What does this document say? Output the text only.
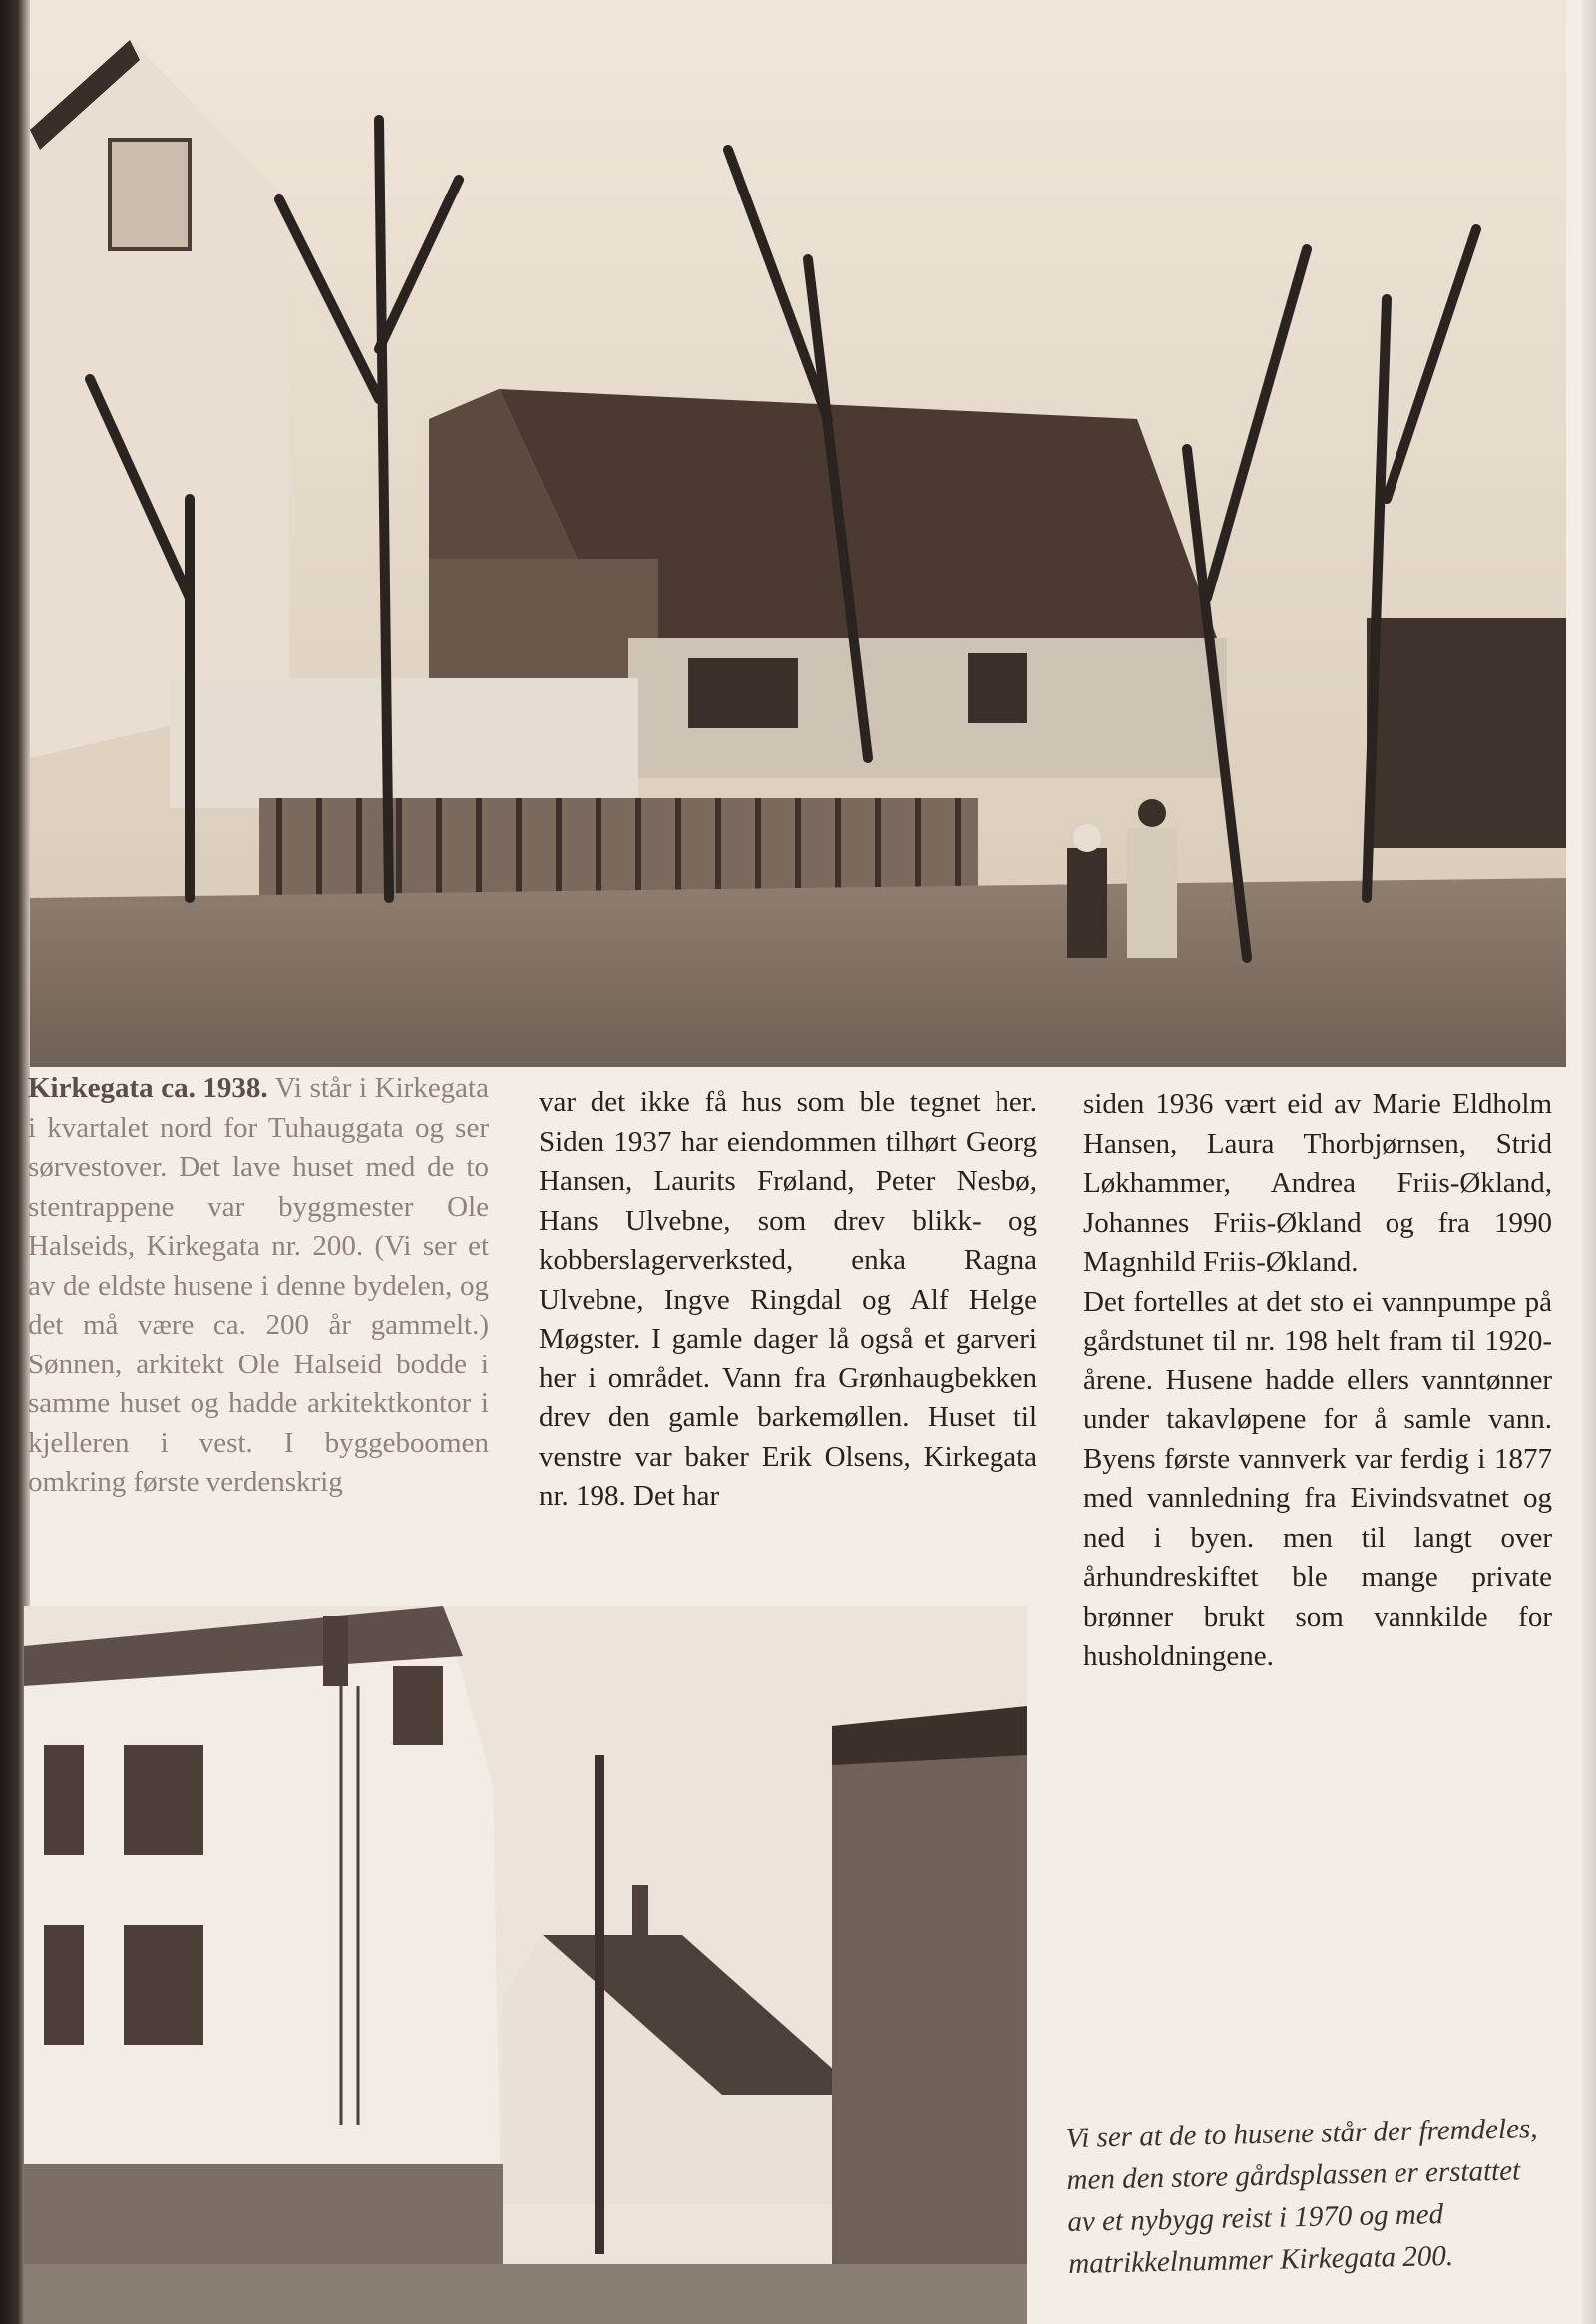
Kirkegata ca. 1938. Vi står i Kirkegata i kvartalet nord for Tuhauggata og ser sørvestover. Det lave huset med de to stentrappene var byggmester Ole Halseids, Kirkegata nr. 200. (Vi ser et av de eldste husene i denne bydelen, og det må være ca. 200 år gammelt.) Sønnen, arkitekt Ole Halseid bodde i samme huset og hadde arkitektkontor i kjelleren i vest. I byggeboomen omkring første verdenskrig

var det ikke få hus som ble tegnet her. Siden 1937 har eiendommen tilhørt Georg Hansen, Laurits Frøland, Peter Nesbø, Hans Ulvebne, som drev blikk- og kobberslagerverksted, enka Ragna Ulvebne, Ingve Ringdal og Alf Helge Møgster. I gamle dager lå også et garveri her i området. Vann fra Grønhaugbekken drev den gamle barkemøllen. Huset til venstre var baker Erik Olsens, Kirkegata nr. 198. Det har

siden 1936 vært eid av Marie Eldholm Hansen, Laura Thorbjørnsen, Strid Løkhammer, Andrea Friis-Økland, Johannes Friis-Økland og fra 1990 Magnhild Friis-Økland.

Det fortelles at det sto ei vannpumpe på gårdstunet til nr. 198 helt fram til 1920- årene. Husene hadde ellers vanntønner under takavløpene for å samle vann. Byens første vannverk var ferdig i 1877 med vannledning fra Eivindsvatnet og ned i byen. men til langt over århundreskiftet ble mange private brønner brukt som vannkilde for husholdningene.

Vi ser at de to husene står der fremdeles, men den store gårdsplassen er erstattet av et nybygg reist i 1970 og med matrikkelnummer Kirkegata 200.
